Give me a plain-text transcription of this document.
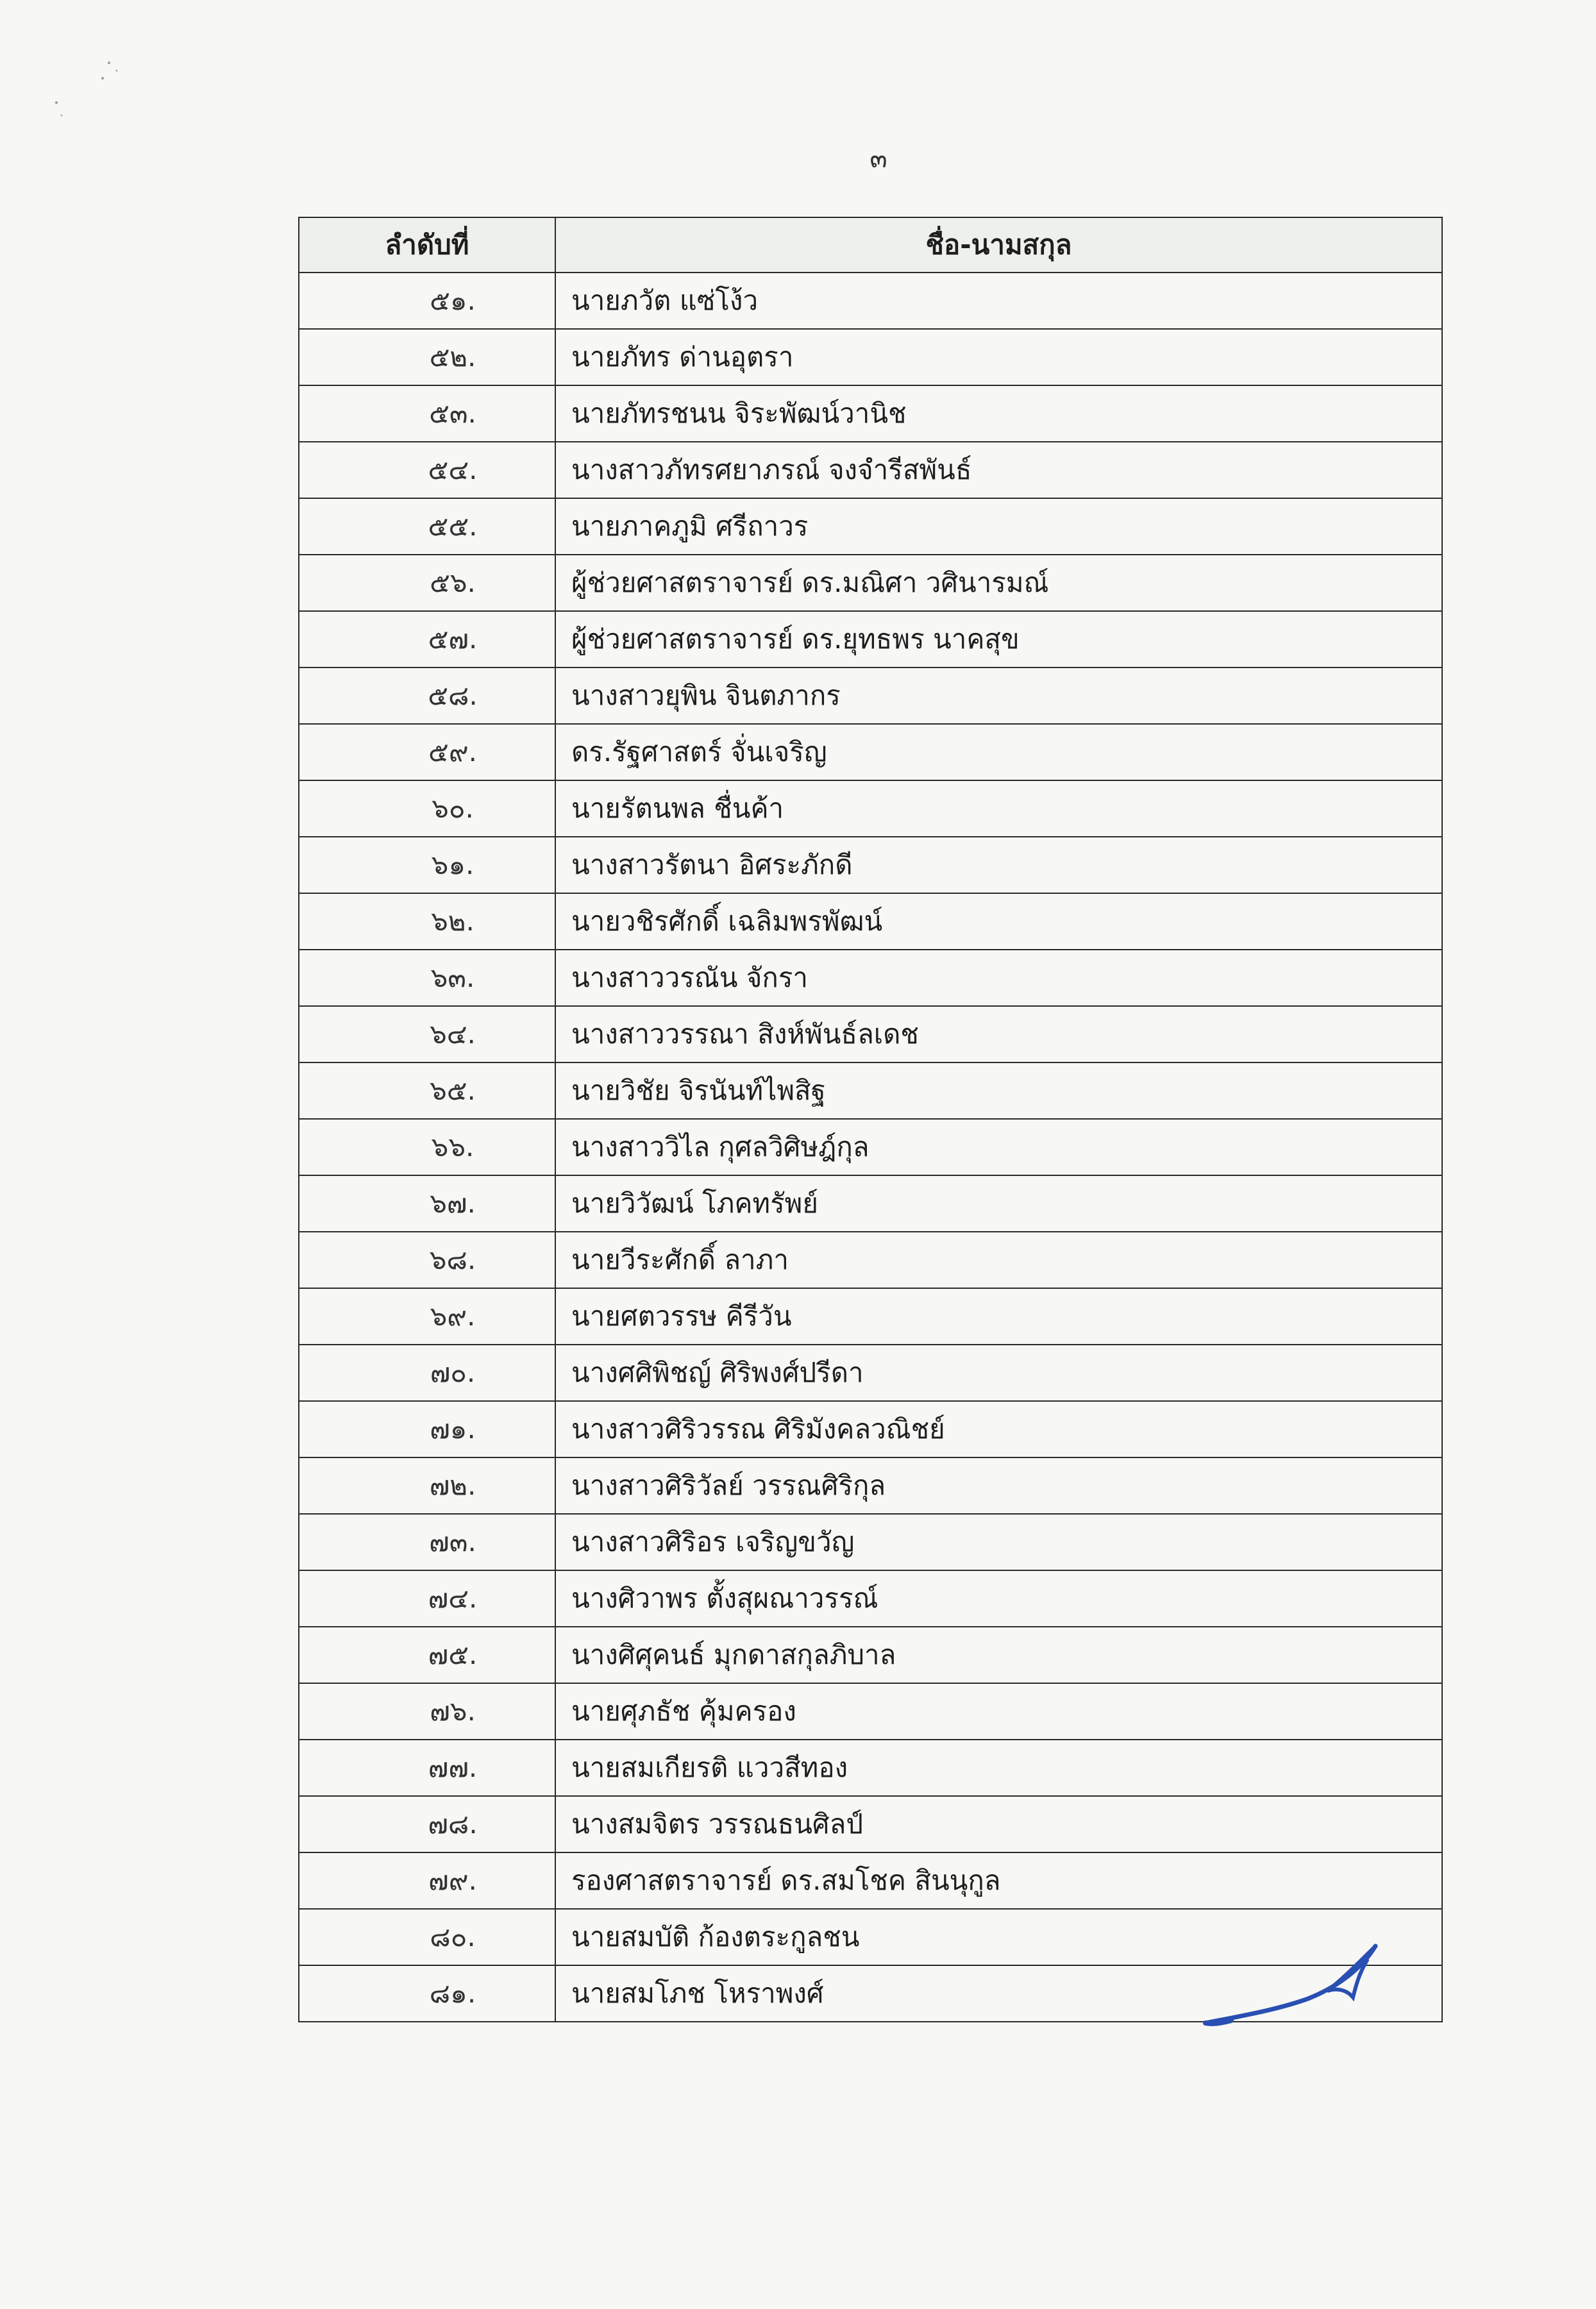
๓
ลำดับที่	ชื่อ-นามสกุล
๕๑.	นายภวัต แซ่โง้ว
๕๒.	นายภัทร ด่านอุตรา
๕๓.	นายภัทรชนน จิระพัฒน์วานิช
๕๔.	นางสาวภัทรศยาภรณ์ จงจำรีสพันธ์
๕๕.	นายภาคภูมิ ศรีถาวร
๕๖.	ผู้ช่วยศาสตราจารย์ ดร.มณิศา วศินารมณ์
๕๗.	ผู้ช่วยศาสตราจารย์ ดร.ยุทธพร นาคสุข
๕๘.	นางสาวยุพิน จินตภากร
๕๙.	ดร.รัฐศาสตร์ จั่นเจริญ
๖๐.	นายรัตนพล ชื่นค้า
๖๑.	นางสาวรัตนา อิศระภักดี
๖๒.	นายวชิรศักดิ์ เฉลิมพรพัฒน์
๖๓.	นางสาววรณัน จักรา
๖๔.	นางสาววรรณา สิงห์พันธ์ลเดช
๖๕.	นายวิชัย จิรนันท์ไพสิฐ
๖๖.	นางสาววิไล กุศลวิศิษฎ์กุล
๖๗.	นายวิวัฒน์ โภคทรัพย์
๖๘.	นายวีระศักดิ์ ลาภา
๖๙.	นายศตวรรษ คีรีวัน
๗๐.	นางศศิพิชญ์ ศิริพงศ์ปรีดา
๗๑.	นางสาวศิริวรรณ ศิริมังคลวณิชย์
๗๒.	นางสาวศิริวัลย์ วรรณศิริกุล
๗๓.	นางสาวศิริอร เจริญขวัญ
๗๔.	นางศิวาพร ตั้งสุผณาวรรณ์
๗๕.	นางศิศุคนธ์ มุกดาสกุลภิบาล
๗๖.	นายศุภธัช คุ้มครอง
๗๗.	นายสมเกียรติ แววสีทอง
๗๘.	นางสมจิตร วรรณธนศิลป์
๗๙.	รองศาสตราจารย์ ดร.สมโชค สินนุกูล
๘๐.	นายสมบัติ ก้องตระกูลชน
๘๑.	นายสมโภช โหราพงศ์
